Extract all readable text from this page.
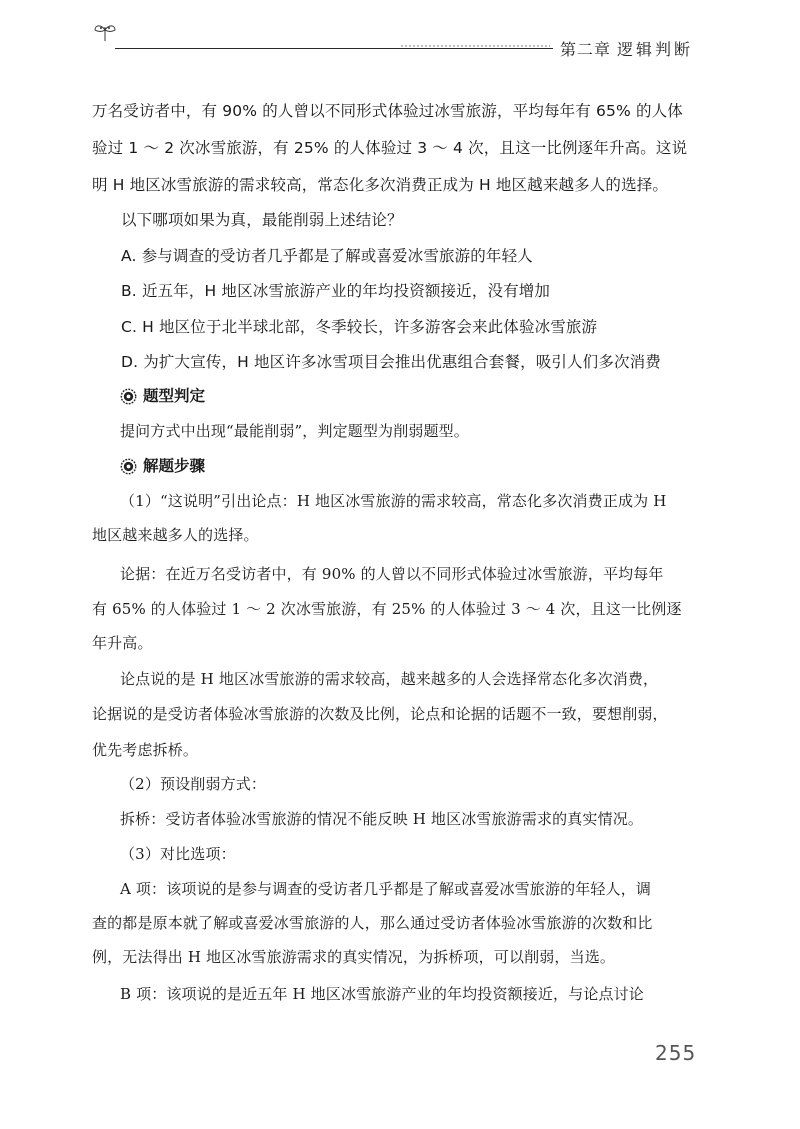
第二章 逻辑判断

万名受访者中，有 90% 的人曾以不同形式体验过冰雪旅游，平均每年有 65% 的人体

验过 1 ～ 2 次冰雪旅游，有 25% 的人体验过 3 ～ 4 次，且这一比例逐年升高。这说

明 H 地区冰雪旅游的需求较高，常态化多次消费正成为 H 地区越来越多人的选择。

以下哪项如果为真，最能削弱上述结论？

A. 参与调查的受访者几乎都是了解或喜爱冰雪旅游的年轻人

B. 近五年，H 地区冰雪旅游产业的年均投资额接近，没有增加

C. H 地区位于北半球北部，冬季较长，许多游客会来此体验冰雪旅游

D. 为扩大宣传，H 地区许多冰雪项目会推出优惠组合套餐，吸引人们多次消费

题型判定

提问方式中出现“最能削弱”，判定题型为削弱题型。

解题步骤

（1）“这说明”引出论点：H 地区冰雪旅游的需求较高，常态化多次消费正成为 H

地区越来越多人的选择。

论据：在近万名受访者中，有 90% 的人曾以不同形式体验过冰雪旅游，平均每年

有 65% 的人体验过 1 ～ 2 次冰雪旅游，有 25% 的人体验过 3 ～ 4 次，且这一比例逐

年升高。

论点说的是 H 地区冰雪旅游的需求较高，越来越多的人会选择常态化多次消费，

论据说的是受访者体验冰雪旅游的次数及比例，论点和论据的话题不一致，要想削弱，

优先考虑拆桥。

（2）预设削弱方式：

拆桥：受访者体验冰雪旅游的情况不能反映 H 地区冰雪旅游需求的真实情况。

（3）对比选项：

A 项：该项说的是参与调查的受访者几乎都是了解或喜爱冰雪旅游的年轻人，调

查的都是原本就了解或喜爱冰雪旅游的人，那么通过受访者体验冰雪旅游的次数和比

例，无法得出 H 地区冰雪旅游需求的真实情况，为拆桥项，可以削弱，当选。

B 项：该项说的是近五年 H 地区冰雪旅游产业的年均投资额接近，与论点讨论

255
